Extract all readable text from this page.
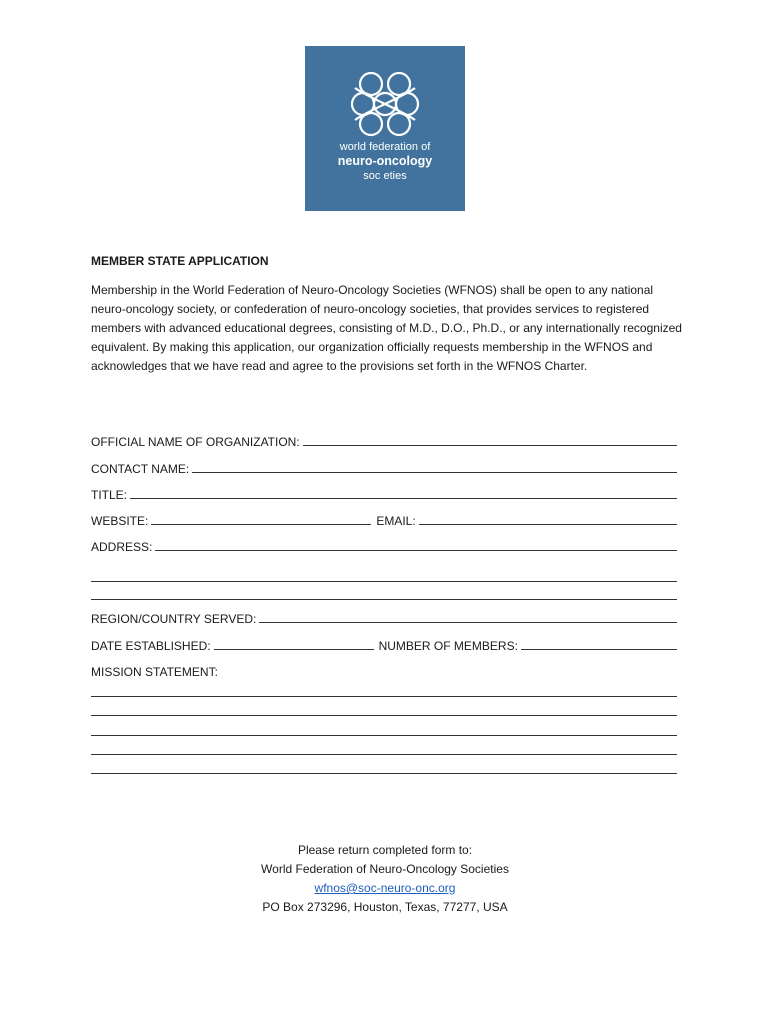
world federation of
neuro-oncology
soc eties
MEMBER STATE APPLICATION
Membership in the World Federation of Neuro-Oncology Societies (WFNOS) shall be open to any national neuro-oncology society, or confederation of neuro-oncology societies, that provides services to registered members with advanced educational degrees, consisting of M.D., D.O., Ph.D., or any internationally recognized equivalent. By making this application, our organization officially requests membership in the WFNOS and acknowledges that we have read and agree to the provisions set forth in the WFNOS Charter.
OFFICIAL NAME OF ORGANIZATION:
CONTACT NAME:
TITLE:
WEBSITE:	EMAIL:
ADDRESS:
REGION/COUNTRY SERVED:
DATE ESTABLISHED:	NUMBER OF MEMBERS:
MISSION STATEMENT:
Please return completed form to:
World Federation of Neuro-Oncology Societies
wfnos@soc-neuro-onc.org
PO Box 273296, Houston, Texas, 77277, USA
